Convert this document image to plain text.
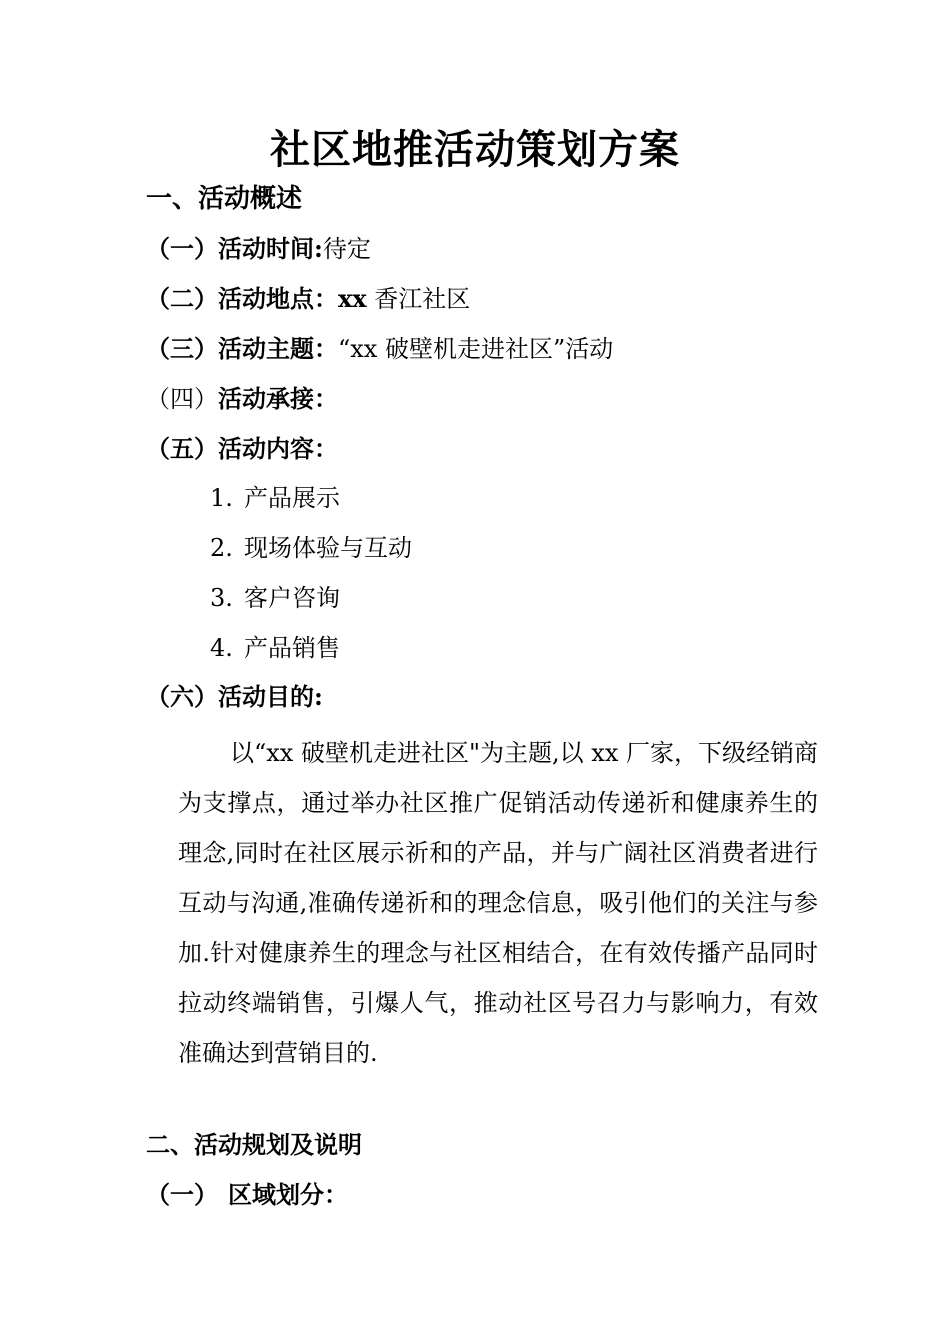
社区地推活动策划方案
一、活动概述
（一）活动时间:待定
（二）活动地点：xx 香江社区
（三）活动主题：“xx 破壁机走进社区”活动
（四）活动承接：
（五）活动内容：
1. 产品展示
2. 现场体验与互动
3. 客户咨询
4. 产品销售
（六）活动目的:
以“xx 破壁机走进社区"为主题,以 xx 厂家，下级经销商为支撑点，通过举办社区推广促销活动传递祈和健康养生的理念,同时在社区展示祈和的产品，并与广阔社区消费者进行互动与沟通,准确传递祈和的理念信息，吸引他们的关注与参加.针对健康养生的理念与社区相结合，在有效传播产品同时拉动终端销售，引爆人气，推动社区号召力与影响力，有效准确达到营销目的.
二、活动规划及说明
（一） 区域划分：
